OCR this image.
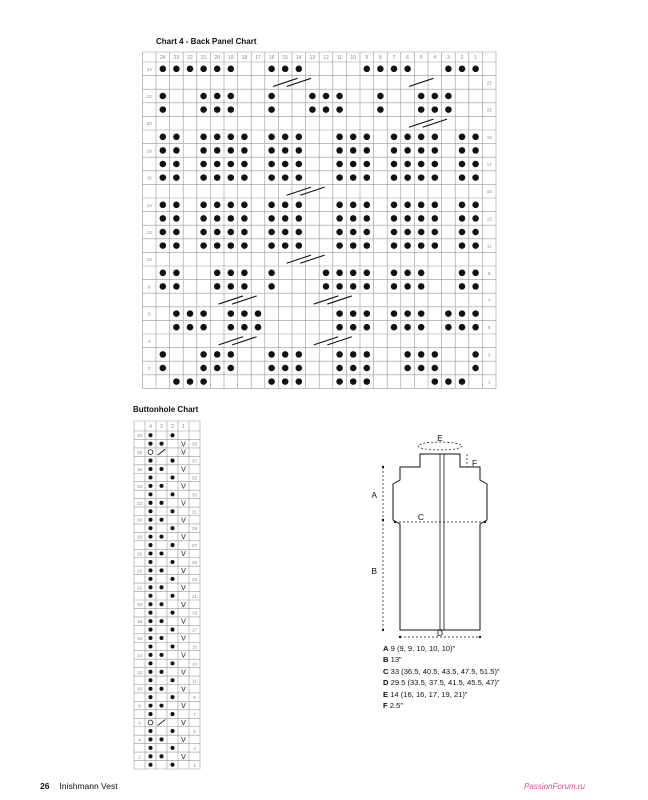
Chart 4 - Back Panel Chart
Buttonhole Chart
24 23 22 21 20 19 18 17 16 15 14 13 12 11 10 9 8 7 6 5 4 3 2 1
24
23
22
21
20
19
18
17
16
15
14
13
12
11
10
9
8
7
6
5
4
3
2
1
4 3 2 1
40
39
38
37
36
35
34
33
32
31
30
29
28
27
26
25
24
23
22
21
20
19
18
17
16
15
14
13
12
11
10
9
8
7
6
5
4
3
2
1
V
V
V
V
V
V
V
V
V
V
V
V
V
V
V
V
V
V
V
V
E
F
A
B
C
D
A 9 (9, 9, 10, 10, 10)”
B 13”
C 33 (36.5, 40.5, 43.5, 47.5, 51.5)”
D 29.5 (33.5, 37.5, 41.5, 45.5, 47)”
E 14 (16, 16, 17, 19, 21)”
F 2.5”
26 Inishmann Vest	PassionForum.ru
